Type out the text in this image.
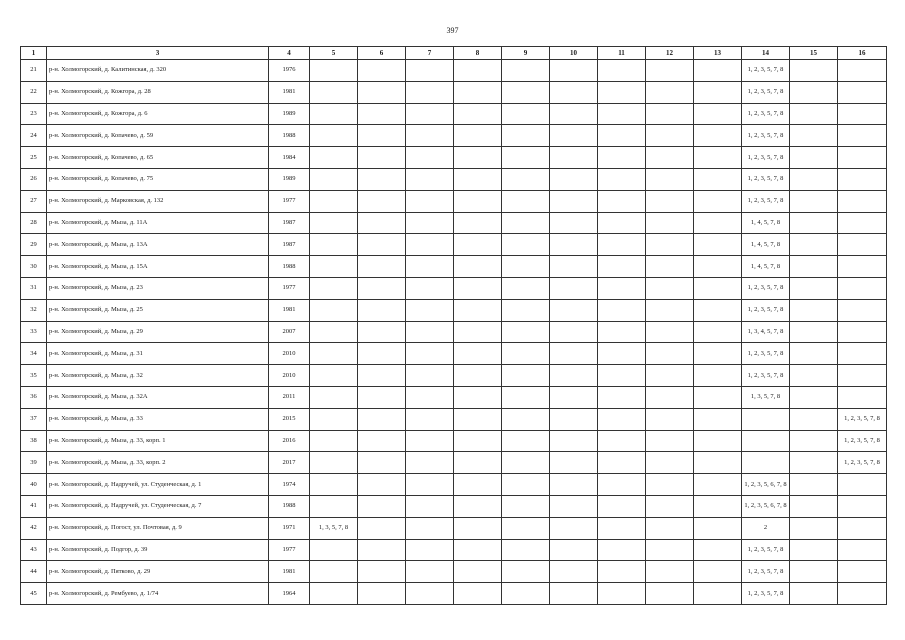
397
1	3	4	5	6	7	8	9	10	11	12	13	14	15	16
21	р-н. Холмогорский, д. Калитинская, д. 320	1976										1, 2, 3, 5, 7, 8		
22	р-н. Холмогорский, д. Кожгора, д. 28	1981										1, 2, 3, 5, 7, 8		
23	р-н. Холмогорский, д. Кожгора, д. 6	1989										1, 2, 3, 5, 7, 8		
24	р-н. Холмогорский, д. Копачево, д. 59	1988										1, 2, 3, 5, 7, 8		
25	р-н. Холмогорский, д. Копачево, д. 65	1984										1, 2, 3, 5, 7, 8		
26	р-н. Холмогорский, д. Копачево, д. 75	1989										1, 2, 3, 5, 7, 8		
27	р-н. Холмогорский, д. Марковская, д. 132	1977										1, 2, 3, 5, 7, 8		
28	р-н. Холмогорский, д. Мыза, д. 11А	1987										1, 4, 5, 7, 8		
29	р-н. Холмогорский, д. Мыза, д. 13А	1987										1, 4, 5, 7, 8		
30	р-н. Холмогорский, д. Мыза, д. 15А	1988										1, 4, 5, 7, 8		
31	р-н. Холмогорский, д. Мыза, д. 23	1977										1, 2, 3, 5, 7, 8		
32	р-н. Холмогорский, д. Мыза, д. 25	1981										1, 2, 3, 5, 7, 8		
33	р-н. Холмогорский, д. Мыза, д. 29	2007										1, 3, 4, 5, 7, 8		
34	р-н. Холмогорский, д. Мыза, д. 31	2010										1, 2, 3, 5, 7, 8		
35	р-н. Холмогорский, д. Мыза, д. 32	2010										1, 2, 3, 5, 7, 8		
36	р-н. Холмогорский, д. Мыза, д. 32А	2011										1, 3, 5, 7, 8		
37	р-н. Холмогорский, д. Мыза, д. 33	2015												1, 2, 3, 5, 7, 8
38	р-н. Холмогорский, д. Мыза, д. 33, корп. 1	2016												1, 2, 3, 5, 7, 8
39	р-н. Холмогорский, д. Мыза, д. 33, корп. 2	2017												1, 2, 3, 5, 7, 8
40	р-н. Холмогорский, д. Надручей, ул. Студенческая, д. 1	1974										1, 2, 3, 5, 6, 7, 8		
41	р-н. Холмогорский, д. Надручей, ул. Студенческая, д. 7	1988										1, 2, 3, 5, 6, 7, 8		
42	р-н. Холмогорский, д. Погост, ул. Почтовая, д. 9	1971	1, 3, 5, 7, 8									2		
43	р-н. Холмогорский, д. Подгор, д. 39	1977										1, 2, 3, 5, 7, 8		
44	р-н. Холмогорский, д. Пятково, д. 29	1981										1, 2, 3, 5, 7, 8		
45	р-н. Холмогорский, д. Рембуево, д. 1/74	1964										1, 2, 3, 5, 7, 8		
